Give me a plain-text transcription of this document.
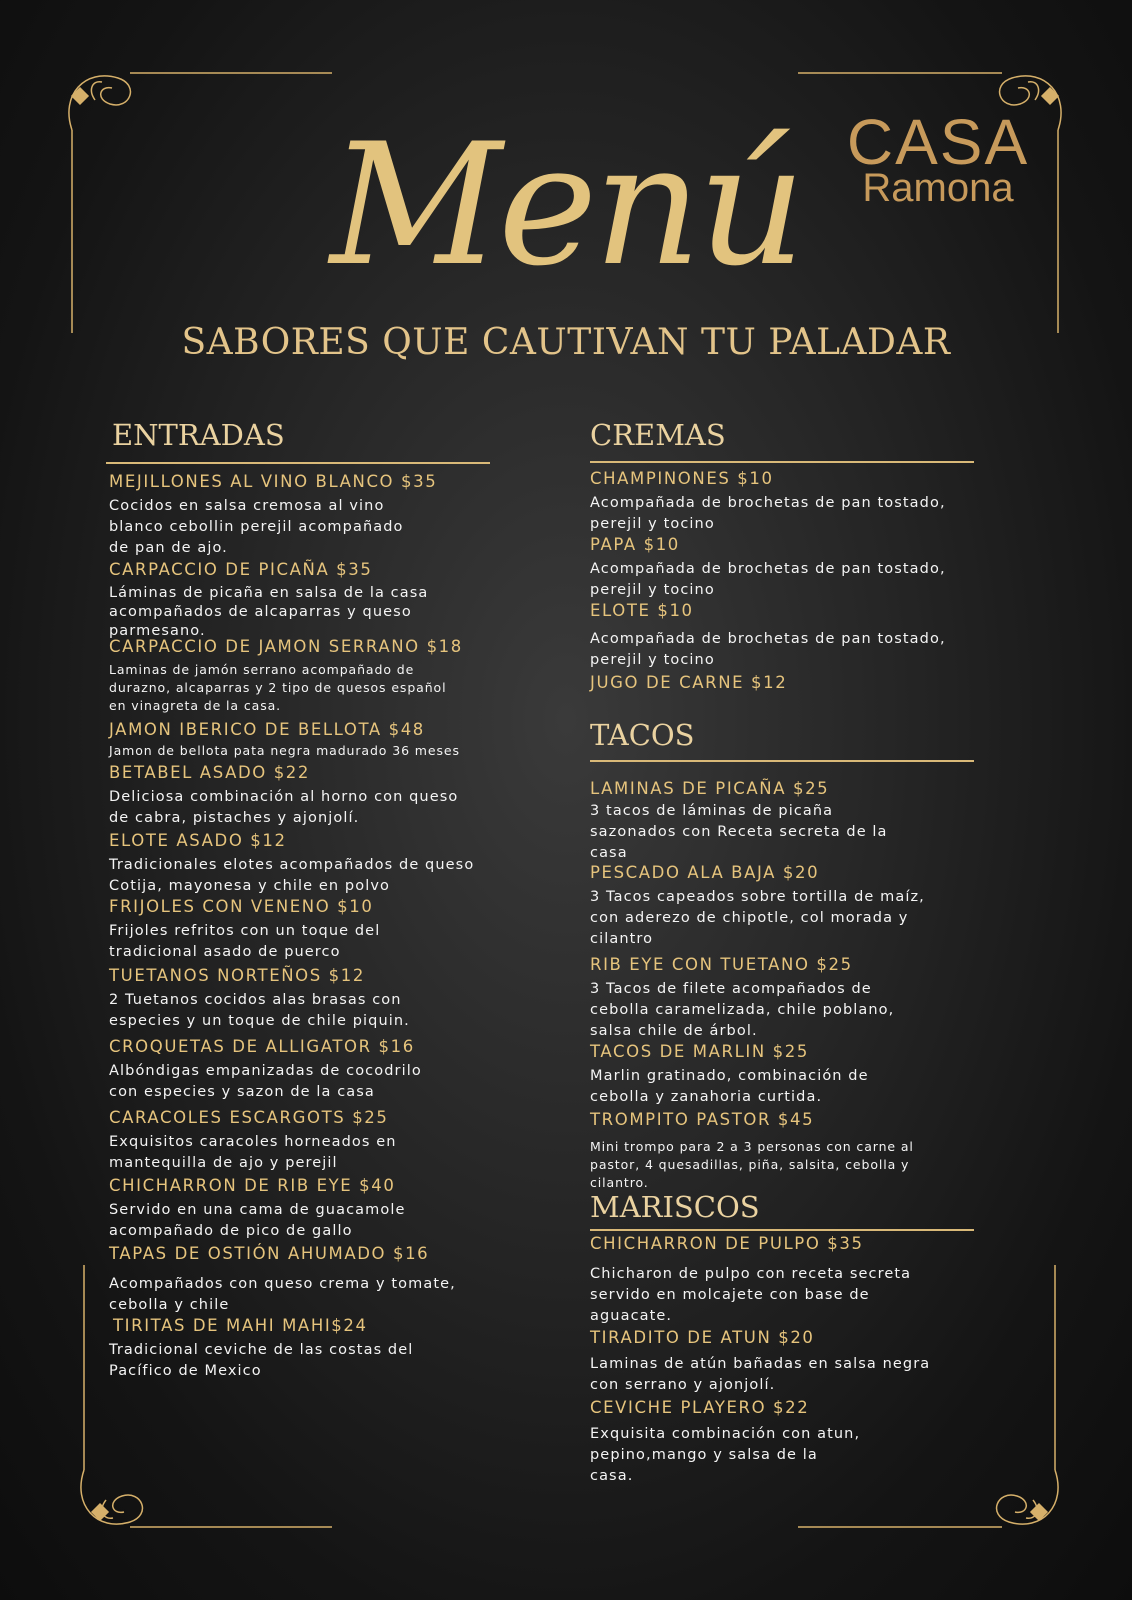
Menú CASA
Ramona
SABORES QUE CAUTIVAN TU PALADAR
ENTRADAS
MEJILLONES AL VINO BLANCO $35
Cocidos en salsa cremosa al vino
blanco cebollin perejil acompañado
de pan de ajo.
CARPACCIO DE PICAÑA $35
Láminas de picaña en salsa de la casa
acompañados de alcaparras y queso
parmesano.
CARPACCIO DE JAMON SERRANO $18
Laminas de jamón serrano acompañado de
durazno, alcaparras y 2 tipo de quesos español
en vinagreta de la casa.
JAMON IBERICO DE BELLOTA $48
Jamon de bellota pata negra madurado 36 meses
BETABEL ASADO $22
Deliciosa combinación al horno con queso
de cabra, pistaches y ajonjolí.
ELOTE ASADO $12
Tradicionales elotes acompañados de queso
Cotija, mayonesa y chile en polvo
FRIJOLES CON VENENO $10
Frijoles refritos con un toque del
tradicional asado de puerco
TUETANOS NORTEÑOS $12
2 Tuetanos cocidos alas brasas con
especies y un toque de chile piquin.
CROQUETAS DE ALLIGATOR $16
Albóndigas empanizadas de cocodrilo
con especies y sazon de la casa
CARACOLES ESCARGOTS $25
Exquisitos caracoles horneados en
mantequilla de ajo y perejil
CHICHARRON DE RIB EYE $40
Servido en una cama de guacamole
acompañado de pico de gallo
TAPAS DE OSTIÓN AHUMADO $16
Acompañados con queso crema y tomate,
cebolla y chile
TIRITAS DE MAHI MAHI$24
Tradicional ceviche de las costas del
Pacífico de Mexico
CREMAS
CHAMPINONES $10
Acompañada de brochetas de pan tostado,
perejil y tocino
PAPA $10
Acompañada de brochetas de pan tostado,
perejil y tocino
ELOTE $10
Acompañada de brochetas de pan tostado,
perejil y tocino
JUGO DE CARNE $12
TACOS
LAMINAS DE PICAÑA $25
3 tacos de láminas de picaña
sazonados con Receta secreta de la
casa
PESCADO ALA BAJA $20
3 Tacos capeados sobre tortilla de maíz,
con aderezo de chipotle, col morada y
cilantro
RIB EYE CON TUETANO $25
3 Tacos de filete acompañados de
cebolla caramelizada, chile poblano,
salsa chile de árbol.
TACOS DE MARLIN $25
Marlin gratinado, combinación de
cebolla y zanahoria curtida.
TROMPITO PASTOR $45
Mini trompo para 2 a 3 personas con carne al
pastor, 4 quesadillas, piña, salsita, cebolla y
cilantro.
MARISCOS
CHICHARRON DE PULPO $35
Chicharon de pulpo con receta secreta
servido en molcajete con base de
aguacate.
TIRADITO DE ATUN $20
Laminas de atún bañadas en salsa negra
con serrano y ajonjolí.
CEVICHE PLAYERO $22
Exquisita combinación con atun,
pepino,mango y salsa de la
casa.
